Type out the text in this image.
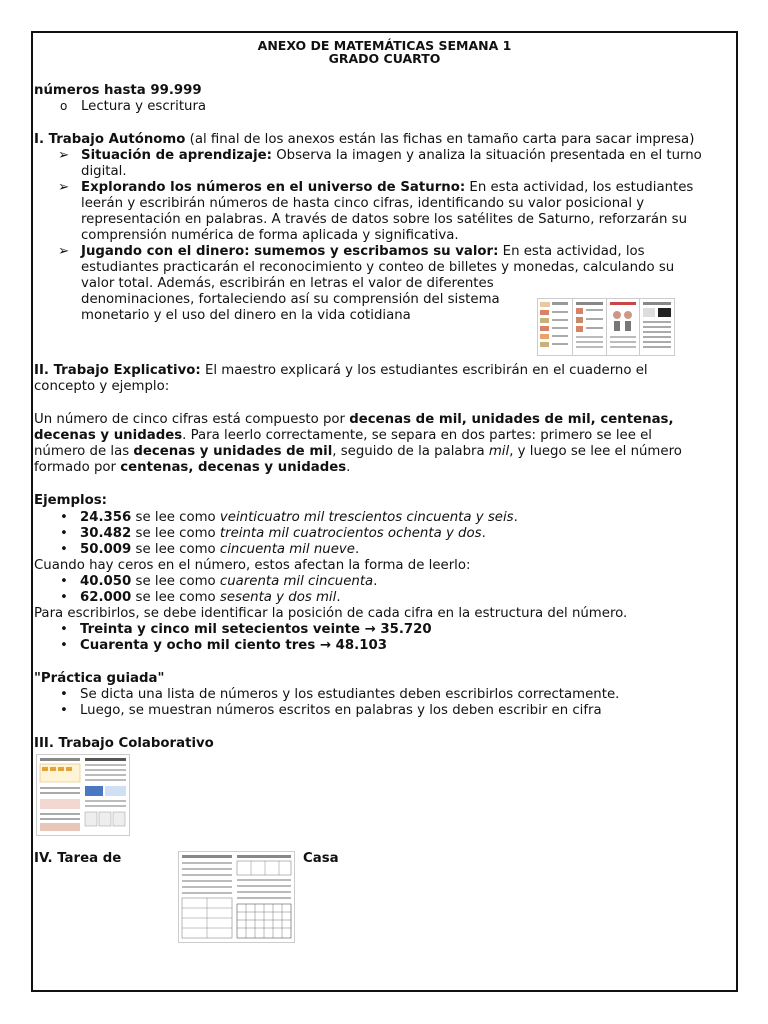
ANEXO DE MATEMÁTICAS SEMANA 1
GRADO CUARTO
números hasta 99.999
o Lectura y escritura
I. Trabajo Autónomo (al final de los anexos están las fichas en tamaño carta para sacar impresa)
➢ Situación de aprendizaje: Observa la imagen y analiza la situación presentada en el turno
digital.
➢ Explorando los números en el universo de Saturno: En esta actividad, los estudiantes
leerán y escribirán números de hasta cinco cifras, identificando su valor posicional y
representación en palabras. A través de datos sobre los satélites de Saturno, reforzarán su
comprensión numérica de forma aplicada y significativa.
➢ Jugando con el dinero: sumemos y escribamos su valor: En esta actividad, los
estudiantes practicarán el reconocimiento y conteo de billetes y monedas, calculando su
valor total. Además, escribirán en letras el valor de diferentes
denominaciones, fortaleciendo así su comprensión del sistema
monetario y el uso del dinero en la vida cotidiana
II. Trabajo Explicativo: El maestro explicará y los estudiantes escribirán en el cuaderno el
concepto y ejemplo:
Un número de cinco cifras está compuesto por decenas de mil, unidades de mil, centenas,
decenas y unidades. Para leerlo correctamente, se separa en dos partes: primero se lee el
número de las decenas y unidades de mil, seguido de la palabra mil, y luego se lee el número
formado por centenas, decenas y unidades.
Ejemplos:
• 24.356 se lee como veinticuatro mil trescientos cincuenta y seis.
• 30.482 se lee como treinta mil cuatrocientos ochenta y dos.
• 50.009 se lee como cincuenta mil nueve.
Cuando hay ceros en el número, estos afectan la forma de leerlo:
• 40.050 se lee como cuarenta mil cincuenta.
• 62.000 se lee como sesenta y dos mil.
Para escribirlos, se debe identificar la posición de cada cifra en la estructura del número.
• Treinta y cinco mil setecientos veinte → 35.720
• Cuarenta y ocho mil ciento tres → 48.103
"Práctica guiada"
• Se dicta una lista de números y los estudiantes deben escribirlos correctamente.
• Luego, se muestran números escritos en palabras y los deben escribir en cifra
III. Trabajo Colaborativo
IV. Tarea de	Casa
